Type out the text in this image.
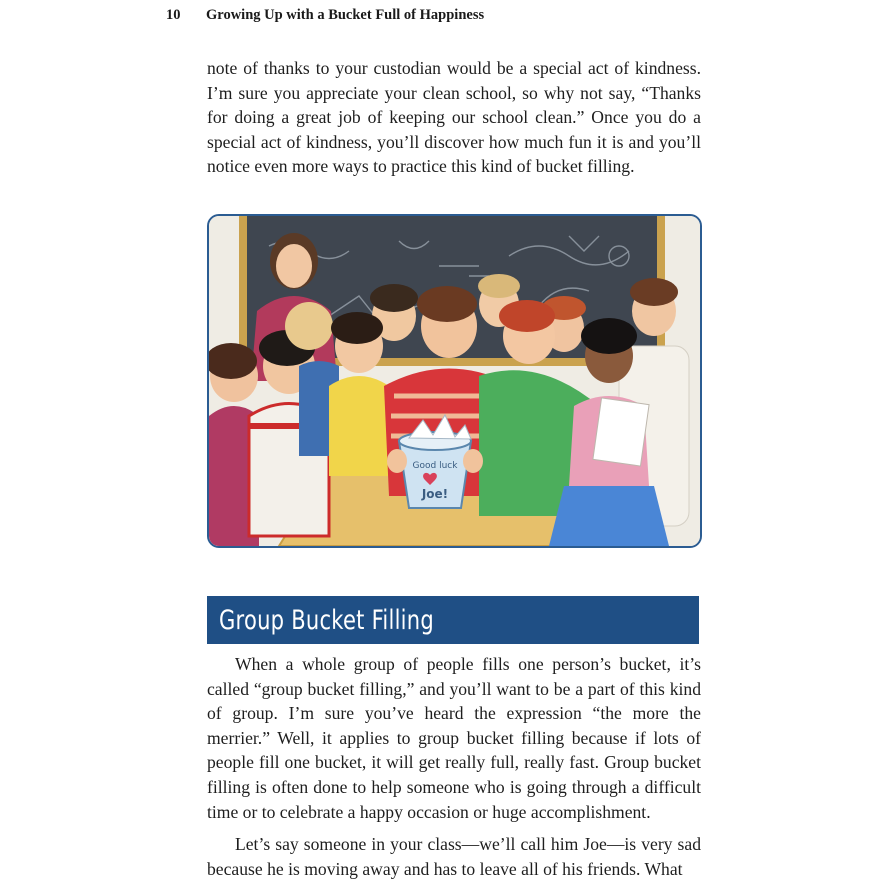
10 Growing Up with a Bucket Full of Happiness

note of thanks to your custodian would be a special act of kindness. I’m sure you appreciate your clean school, so why not say, “Thanks for doing a great job of keeping our school clean.” Once you do a special act of kindness, you’ll discover how much fun it is and you’ll notice even more ways to practice this kind of bucket filling.

Good luck
Joe!
Group Bucket Filling

When a whole group of people fills one person’s bucket, it’s called “group bucket filling,” and you’ll want to be a part of this kind of group. I’m sure you’ve heard the expression “the more the merrier.” Well, it applies to group bucket filling because if lots of people fill one bucket, it will get really full, really fast. Group bucket filling is often done to help someone who is going through a difficult time or to celebrate a happy occasion or huge accomplishment.

Let’s say someone in your class—we’ll call him Joe—is very sad because he is moving away and has to leave all of his friends. What
